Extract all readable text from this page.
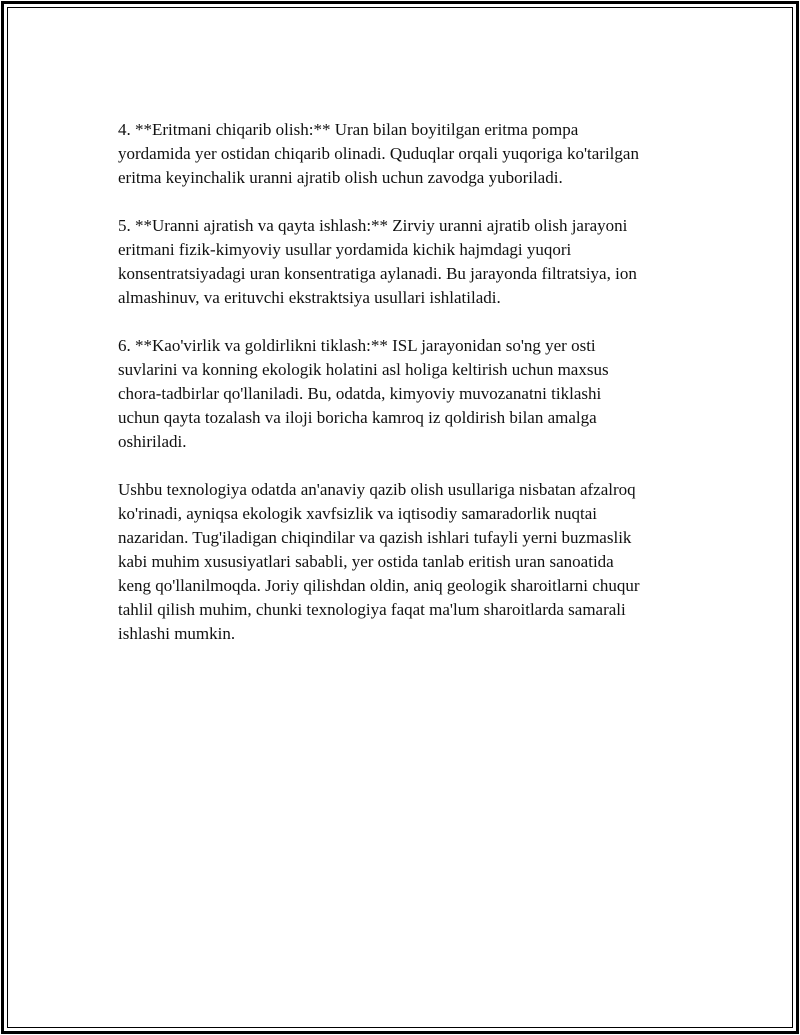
4. **Eritmani chiqarib olish:** Uran bilan boyitilgan eritma pompa
yordamida yer ostidan chiqarib olinadi. Quduqlar orqali yuqoriga ko'tarilgan
eritma keyinchalik uranni ajratib olish uchun zavodga yuboriladi.

5. **Uranni ajratish va qayta ishlash:** Zirviy uranni ajratib olish jarayoni
eritmani fizik-kimyoviy usullar yordamida kichik hajmdagi yuqori
konsentratsiyadagi uran konsentratiga aylanadi. Bu jarayonda filtratsiya, ion
almashinuv, va erituvchi ekstraktsiya usullari ishlatiladi.

6. **Kao'virlik va goldirlikni tiklash:** ISL jarayonidan so'ng yer osti
suvlarini va konning ekologik holatini asl holiga keltirish uchun maxsus
chora-tadbirlar qo'llaniladi. Bu, odatda, kimyoviy muvozanatni tiklashi
uchun qayta tozalash va iloji boricha kamroq iz qoldirish bilan amalga
oshiriladi.

Ushbu texnologiya odatda an'anaviy qazib olish usullariga nisbatan afzalroq
ko'rinadi, ayniqsa ekologik xavfsizlik va iqtisodiy samaradorlik nuqtai
nazaridan. Tug'iladigan chiqindilar va qazish ishlari tufayli yerni buzmaslik
kabi muhim xususiyatlari sababli, yer ostida tanlab eritish uran sanoatida
keng qo'llanilmoqda. Joriy qilishdan oldin, aniq geologik sharoitlarni chuqur
tahlil qilish muhim, chunki texnologiya faqat ma'lum sharoitlarda samarali
ishlashi mumkin.
